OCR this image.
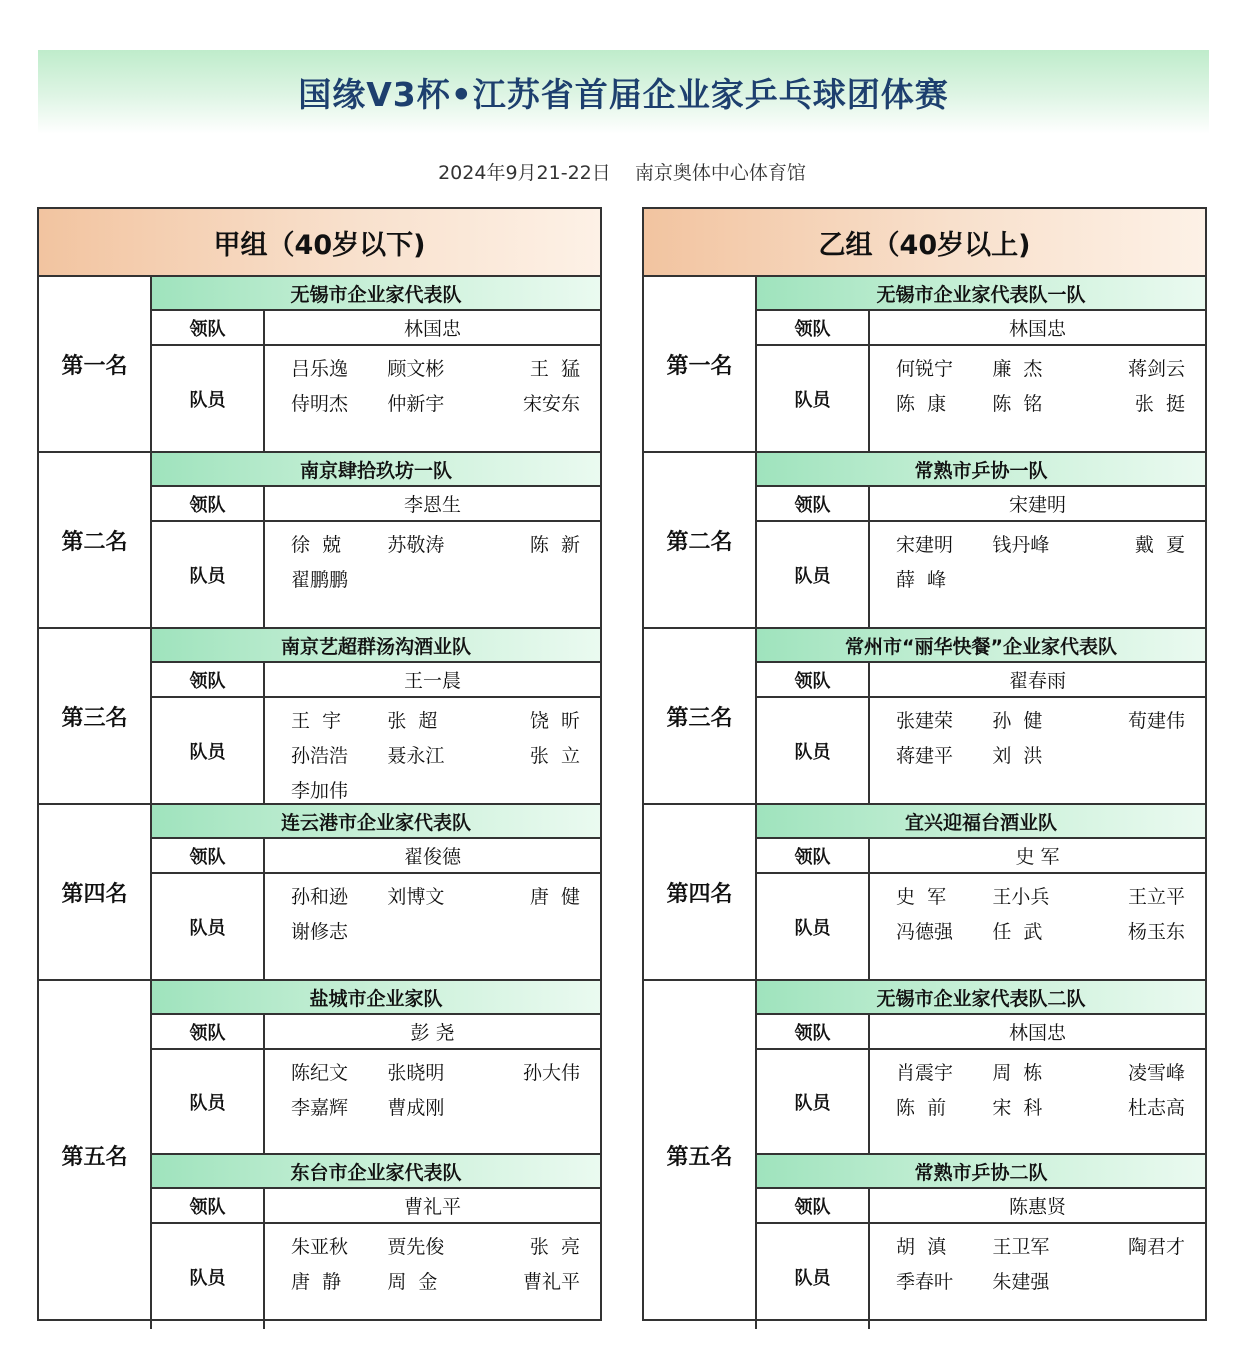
国缘V3杯•江苏省首届企业家乒乓球团体赛
2024年9月21-22日    南京奥体中心体育馆
甲组（40岁以下)
第一名
无锡市企业家代表队
领队	林国忠
队员
吕乐逸	顾文彬	王  猛
侍明杰	仲新宇	宋安东
第二名
南京肆拾玖坊一队
领队	李恩生
队员
徐  兢	苏敬涛	陈  新
翟鹏鹏
第三名
南京艺超群汤沟酒业队
领队	王一晨
队员
王  宇	张  超	饶  昕
孙浩浩	聂永江	张  立
李加伟
第四名
连云港市企业家代表队
领队	翟俊德
队员
孙和逊	刘博文	唐  健
谢修志
第五名
盐城市企业家队
领队	彭 尧
队员
陈纪文	张晓明	孙大伟
李嘉辉	曹成刚
东台市企业家代表队
领队	曹礼平
队员
朱亚秋	贾先俊	张  亮
唐  静	周  金	曹礼平
乙组（40岁以上)
第一名
无锡市企业家代表队一队
领队	林国忠
队员
何锐宁	廉  杰	蒋剑云
陈  康	陈  铭	张  挺
第二名
常熟市乒协一队
领队	宋建明
队员
宋建明	钱丹峰	戴  夏
薛  峰
第三名
常州市“丽华快餐”企业家代表队
领队	翟春雨
队员
张建荣	孙  健	荀建伟
蒋建平	刘  洪
第四名
宜兴迎福台酒业队
领队	史 军
队员
史  军	王小兵	王立平
冯德强	任  武	杨玉东
第五名
无锡市企业家代表队二队
领队	林国忠
队员
肖震宇	周  栋	凌雪峰
陈  前	宋  科	杜志高
常熟市乒协二队
领队	陈惠贤
队员
胡  滇	王卫军	陶君才
季春叶	朱建强
